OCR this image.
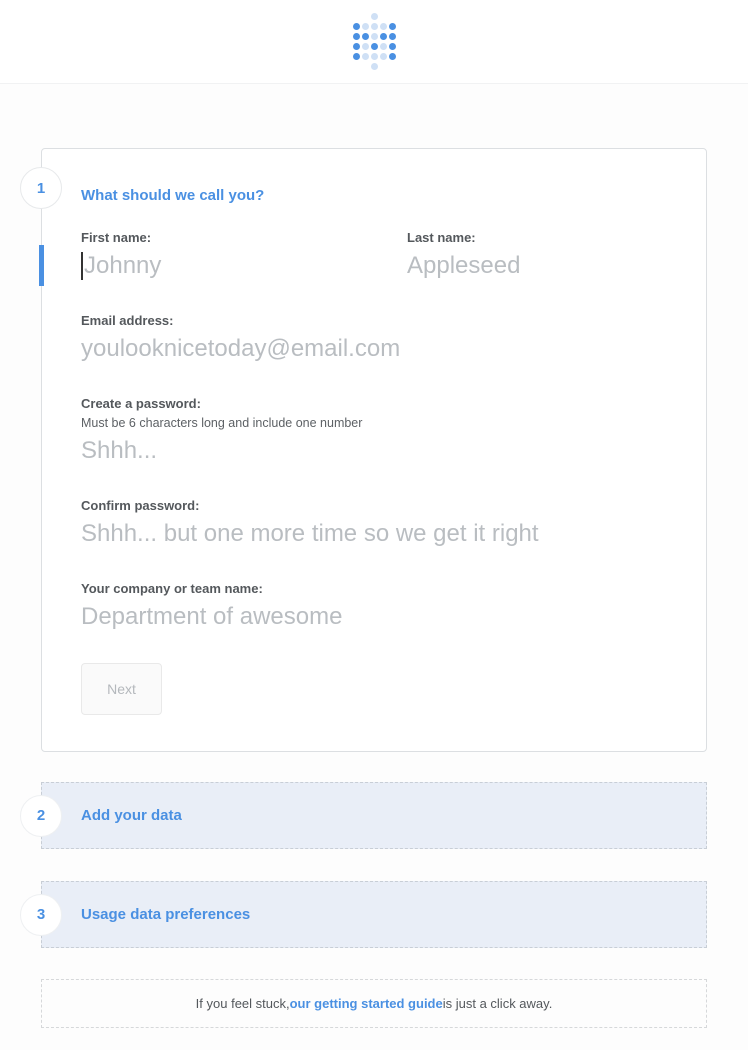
1 What should we call you?
First name:
Johnny	Last name:
Appleseed
Email address:
youlooknicetoday@email.com
Create a password:
Must be 6 characters long and include one number
Shhh...
Confirm password:
Shhh... but one more time so we get it right
Your company or team name:
Department of awesome
Next
2 Add your data
3 Usage data preferences
If you feel stuck, our getting started guide is just a click away.
